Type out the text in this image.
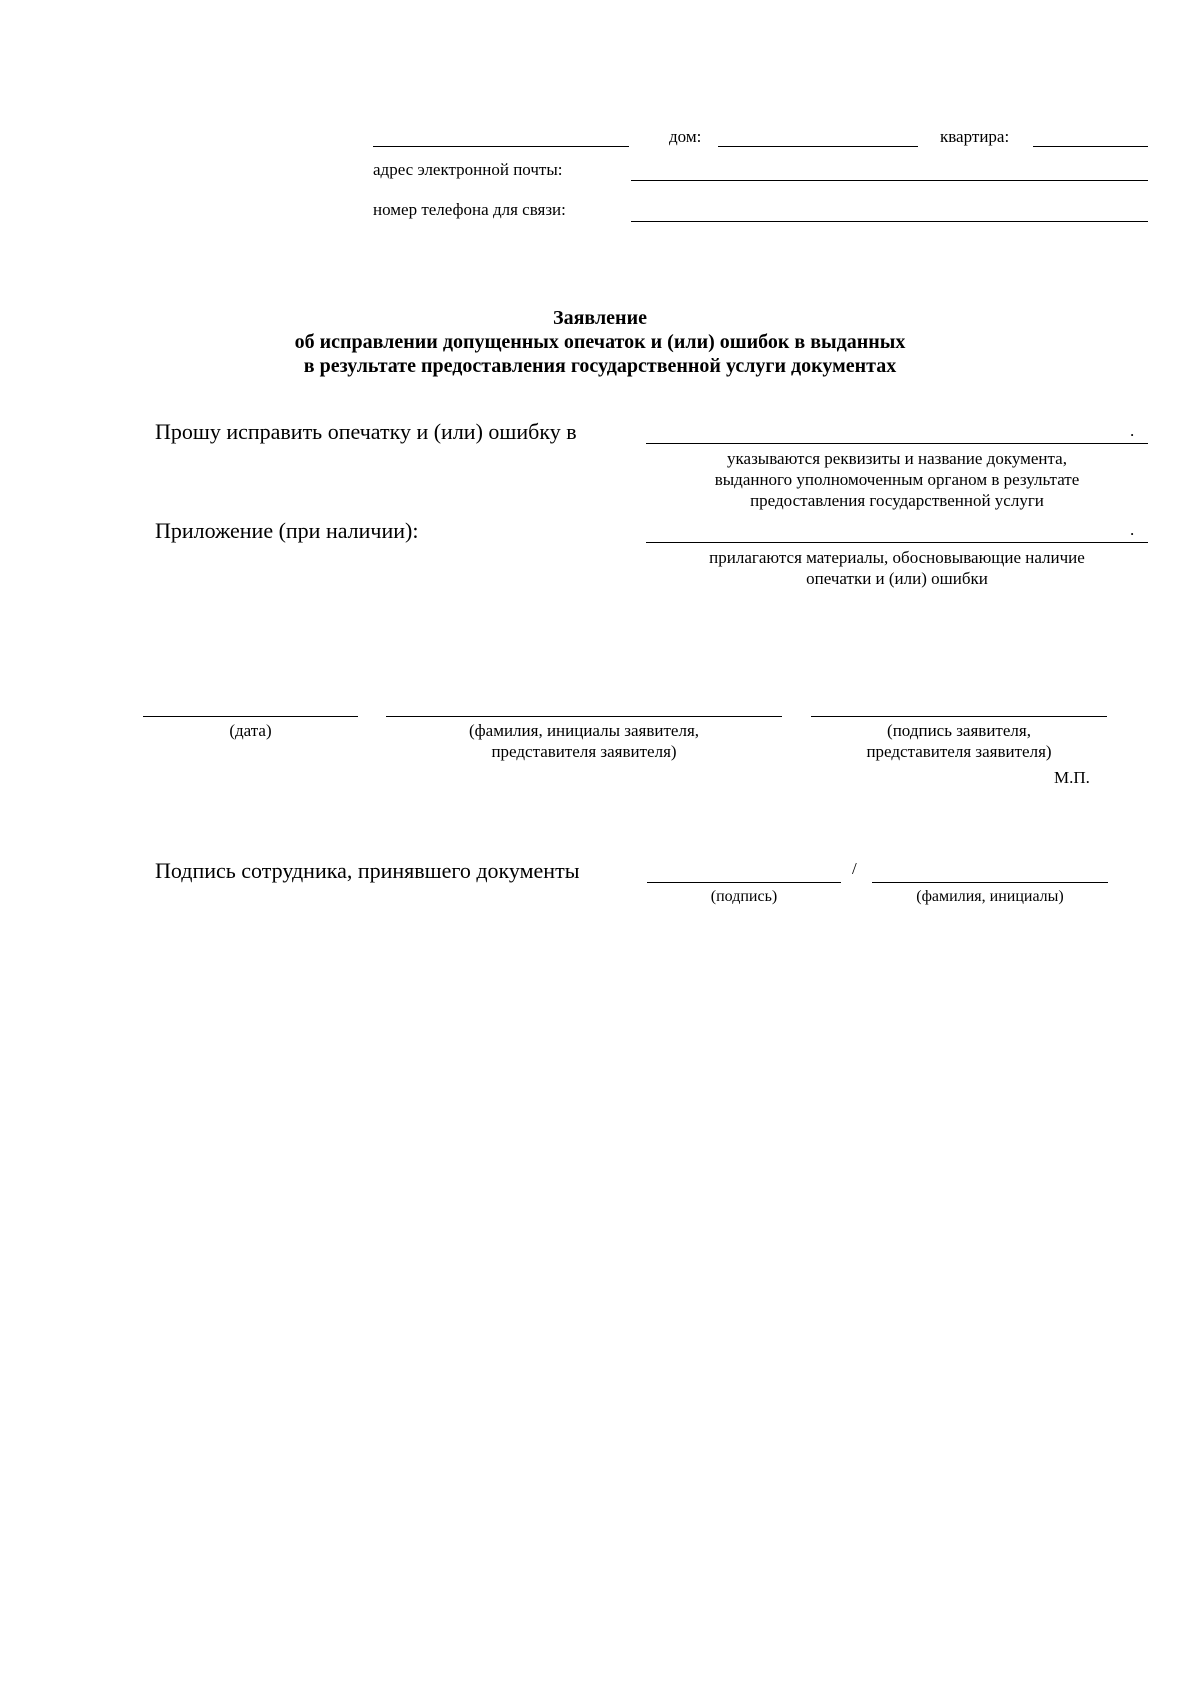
дом:	квартира:
адрес электронной почты:
номер телефона для связи:
Заявление
об исправлении допущенных опечаток и (или) ошибок в выданных
в результате предоставления государственной услуги документах
Прошу исправить опечатку и (или) ошибку в	.
указываются реквизиты и название документа,
выданного уполномоченным органом в результате
предоставления государственной услуги
Приложение (при наличии):	.
прилагаются материалы, обосновывающие наличие
опечатки и (или) ошибки
(дата)	(фамилия, инициалы заявителя,
представителя заявителя)
(подпись заявителя,
представителя заявителя)
М.П.
Подпись сотрудника, принявшего документы	/
(подпись)	(фамилия, инициалы)
